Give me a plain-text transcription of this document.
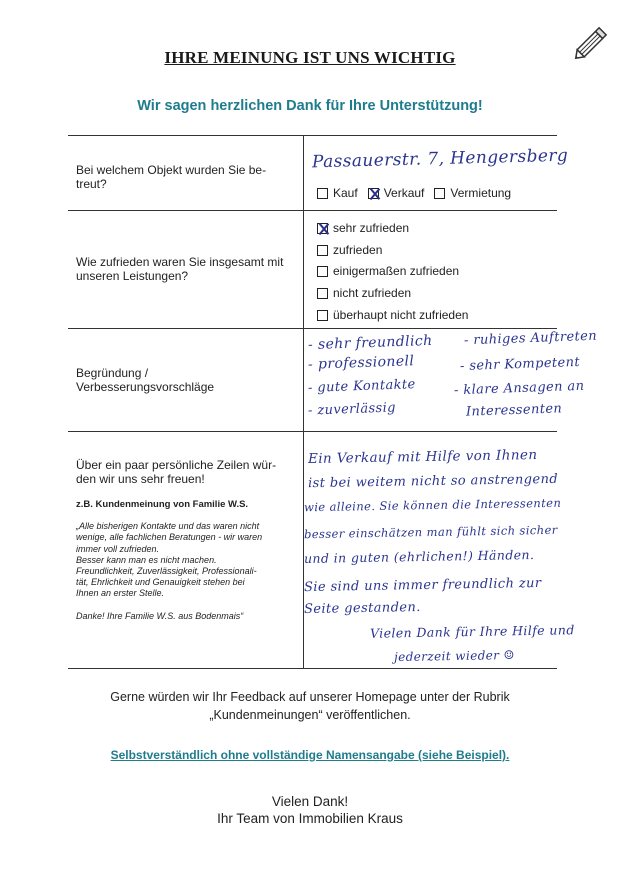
IHRE MEINUNG IST UNS WICHTIG
Wir sagen herzlichen Dank für Ihre Unterstützung!
Bei welchem Objekt wurden Sie be-
treut?
Passauerstr. 7, Hengersberg
Kauf Verkauf Vermietung
Wie zufrieden waren Sie insgesamt mit
unseren Leistungen?
sehr zufrieden
zufrieden
einigermaßen zufrieden
nicht zufrieden
überhaupt nicht zufrieden
Begründung /
Verbesserungsvorschläge
- sehr freundlich - ruhiges Auftreten
- professionell	- sehr Kompetent
- gute Kontakte	- klare Ansagen an
- zuverlässig	Interessenten
Über ein paar persönliche Zeilen wür-
den wir uns sehr freuen!
z.B. Kundenmeinung von Familie W.S.
„Alle bisherigen Kontakte und das waren nicht
wenige, alle fachlichen Beratungen - wir waren
immer voll zufrieden.
Besser kann man es nicht machen.
Freundlichkeit, Zuverlässigkeit, Professionali-
tät, Ehrlichkeit und Genauigkeit stehen bei
Ihnen an erster Stelle.
Danke! Ihre Familie W.S. aus Bodenmais“
Ein Verkauf mit Hilfe von Ihnen
ist bei weitem nicht so anstrengend
wie alleine. Sie können die Interessenten
besser einschätzen man fühlt sich sicher
und in guten (ehrlichen!) Händen.
Sie sind uns immer freundlich zur
Seite gestanden.
Vielen Dank für Ihre Hilfe und
jederzeit wieder ☺
Gerne würden wir Ihr Feedback auf unserer Homepage unter der Rubrik
„Kundenmeinungen“ veröffentlichen.
Selbstverständlich ohne vollständige Namensangabe (siehe Beispiel).
Vielen Dank!
Ihr Team von Immobilien Kraus
